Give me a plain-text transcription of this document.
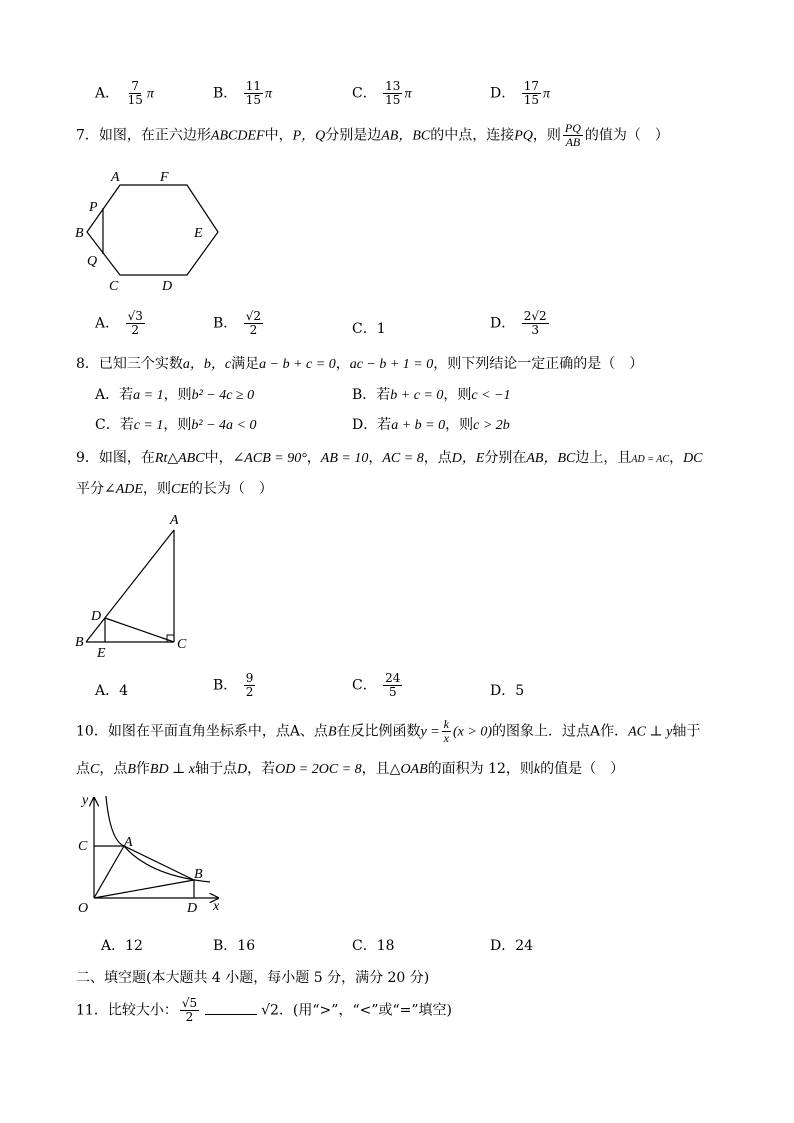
A． $\frac{7}{15}$ π	B． $\frac{11}{15}$ π	C． $\frac{13}{15}$ π	D． $\frac{17}{15}$ π
7．如图，在正六边形ABCDEF中，P，Q分别是边AB，BC的中点，连接PQ，则 $\frac{PQ}{AB}$ 的值为（　）
A	F
P
B	E
Q
C	D
A． $\frac{√3}{2}$	B． $\frac{√2}{2}$	C．1	D． $\frac{2√2}{3}$
8．已知三个实数a，b，c满足a − b + c = 0，ac − b + 1 = 0，则下列结论一定正确的是（　）
A．若a = 1，则b² − 4c ≥ 0	B．若b + c = 0，则c < −1
C．若c = 1，则b² − 4a < 0	D．若a + b = 0，则c > 2b
9．如图，在Rt△ABC中，∠ACB = 90°，AB = 10，AC = 8，点D，E分别在AB，BC边上，且AD = AC，DC
平分∠ADE，则CE的长为（　）
A
D
B
E
C
A．4	B． $\frac{9}{2}$	C． $\frac{24}{5}$	D．5
10．如图在平面直角坐标系中，点A、点B在反比例函数$y = \frac{k}{x} (x > 0)$的图象上．过点A作．AC ⊥ y轴于
点C，点B作BD ⊥ x轴于点D，若OD = 2OC = 8，且△OAB的面积为 12，则k的值是（　）
y
C	A
B
O	D x
A．12	B．16	C．18	D．24
二、填空题(本大题共 4 小题，每小题 5 分，满分 20 分)
11．比较大小： $\frac{√5}{2}$	√2．(用“>”，“<”或“=”填空)
